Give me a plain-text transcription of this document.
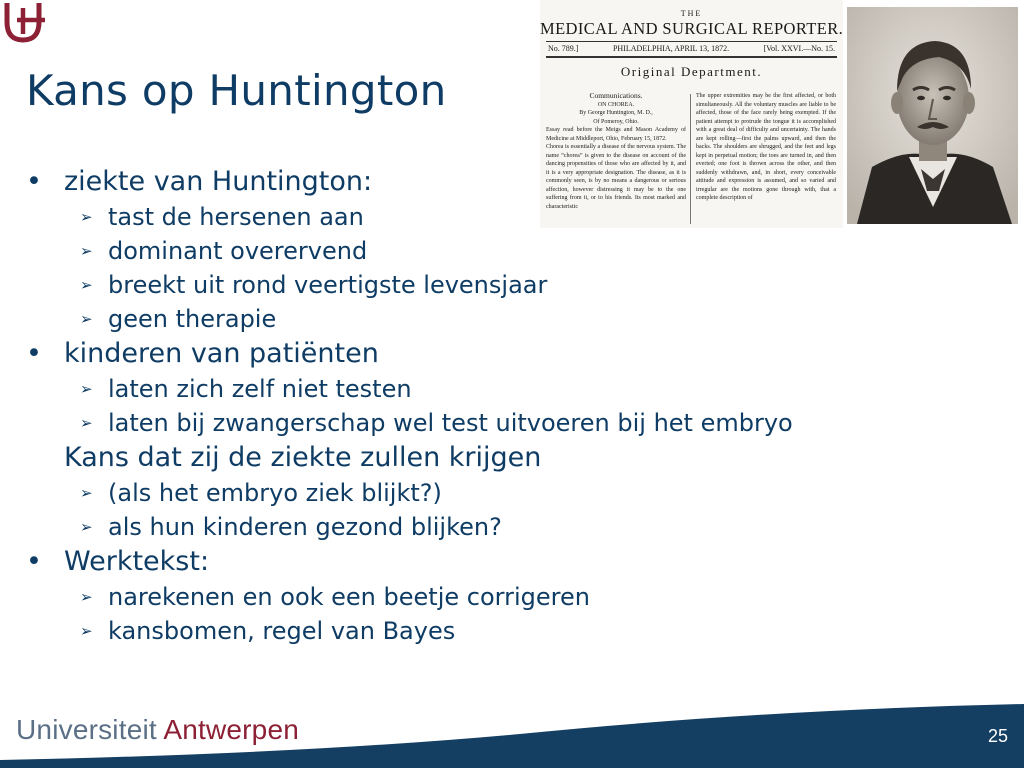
Kans op Huntington
THE
MEDICAL AND SURGICAL REPORTER.
No. 789.]	PHILADELPHIA, APRIL 13, 1872.	[Vol. XXVI.—No. 15.
Original Department.
Communications.
ON CHOREA.
By George Huntington, M. D.,
Of Pomeroy, Ohio.
Essay read before the Meigs and Mason Academy of Medicine at Middleport, Ohio, February 15, 1872.
Chorea is essentially a disease of the nervous system. The name “chorea” is given to the disease on account of the dancing propensities of those who are affected by it, and it is a very appropriate designation. The disease, as it is commonly seen, is by no means a dangerous or serious affection, however distressing it may be to the one suffering from it, or to his friends. Its most marked and characteristic
The upper extremities may be the first affected, or both simultaneously. All the voluntary muscles are liable to be affected, those of the face rarely being exempted. If the patient attempt to protrude the tongue it is accomplished with a great deal of difficulty and uncertainty. The hands are kept rolling—first the palms upward, and then the backs. The shoulders are shrugged, and the feet and legs kept in perpetual motion; the toes are turned in, and then everted; one foot is thrown across the other, and then suddenly withdrawn, and, in short, every conceivable attitude and expression is assumed, and so varied and irregular are the motions gone through with, that a complete description of
• ziekte van Huntington:
➢ tast de hersenen aan
➢ dominant overervend
➢ breekt uit rond veertigste levensjaar
➢ geen therapie
• kinderen van patiënten
➢ laten zich zelf niet testen
➢ laten bij zwangerschap wel test uitvoeren bij het embryo
Kans dat zij de ziekte zullen krijgen
➢ (als het embryo ziek blijkt?)
➢ als hun kinderen gezond blijken?
• Werktekst:
➢ narekenen en ook een beetje corrigeren
➢ kansbomen, regel van Bayes
Universiteit Antwerpen	25
